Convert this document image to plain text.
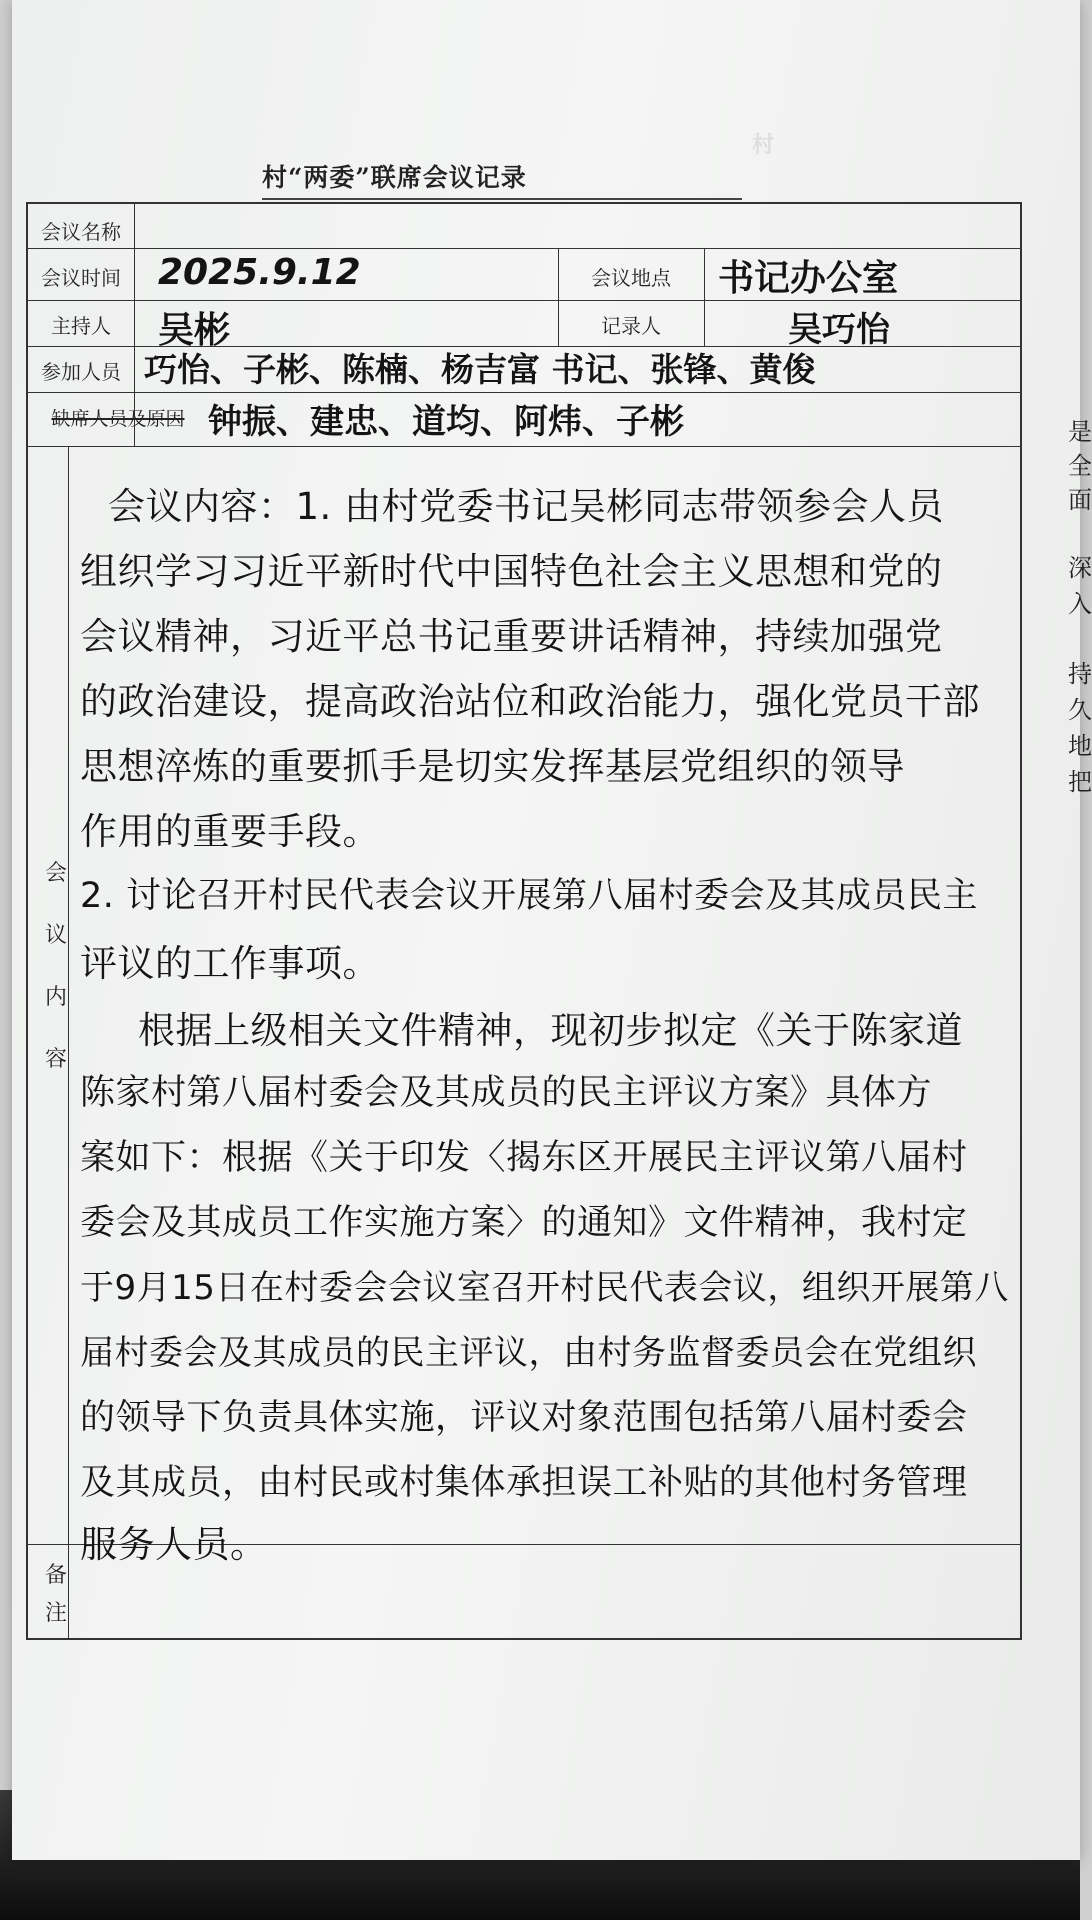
村
村“两委”联席会议记录
会议名称
会议时间	2025.9.12	会议地点	书记办公室
主持人	吴彬	记录人	吴巧怡
参加人员 巧怡、子彬、陈楠、杨吉富 书记、张锋、黄俊
缺席人员及原因 钟振、建忠、道均、阿炜、子彬
会
议
内
容
会议内容：1. 由村党委书记吴彬同志带领参会人员
组织学习习近平新时代中国特色社会主义思想和党的
会议精神，习近平总书记重要讲话精神，持续加强党
的政治建设，提高政治站位和政治能力，强化党员干部
思想淬炼的重要抓手是切实发挥基层党组织的领导
作用的重要手段。
2. 讨论召开村民代表会议开展第八届村委会及其成员民主
评议的工作事项。
根据上级相关文件精神，现初步拟定《关于陈家道
陈家村第八届村委会及其成员的民主评议方案》具体方
案如下：根据《关于印发〈揭东区开展民主评议第八届村
委会及其成员工作实施方案〉的通知》文件精神，我村定
于9月15日在村委会会议室召开村民代表会议，组织开展第八
届村委会及其成员的民主评议，由村务监督委员会在党组织
的领导下负责具体实施，评议对象范围包括第八届村委会
及其成员，由村民或村集体承担误工补贴的其他村务管理
服务人员。
备
注
是
全
面
深
入
持
久
地
把
